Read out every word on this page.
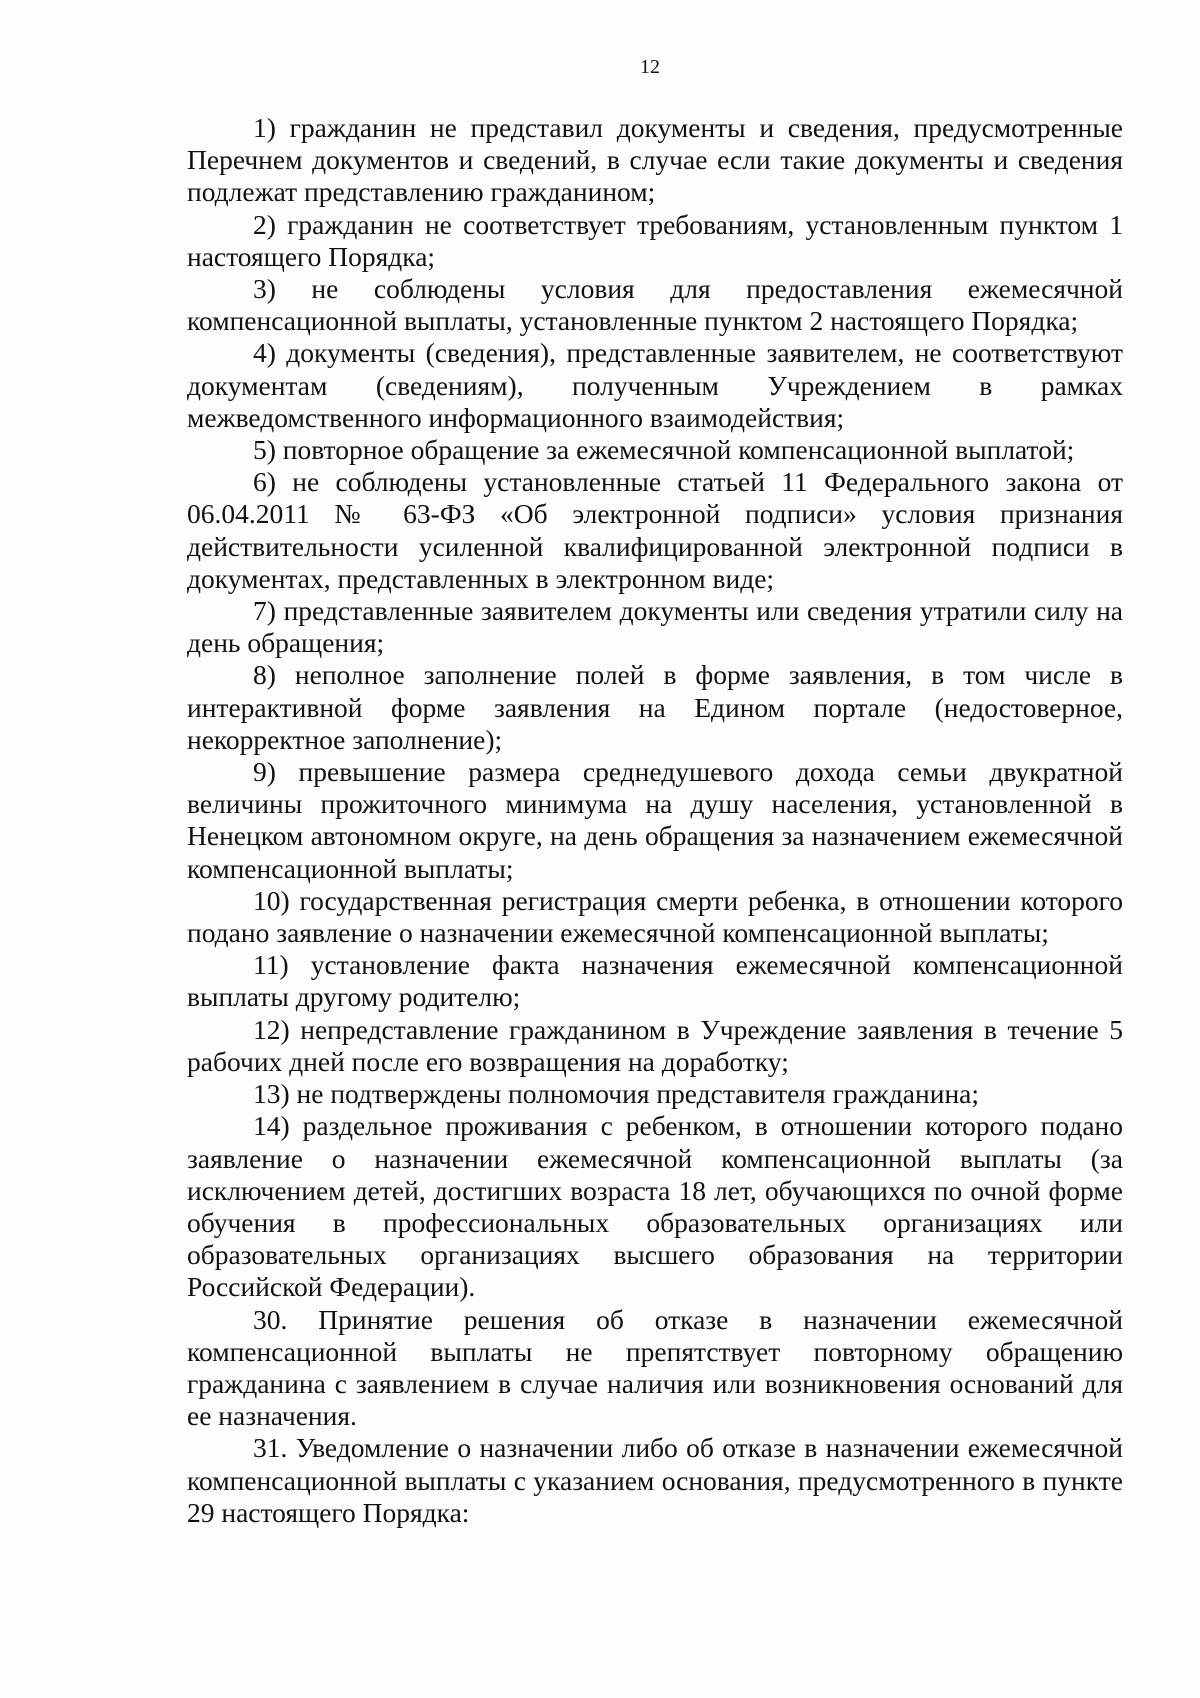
12

1) гражданин не представил документы и сведения, предусмотренные Перечнем документов и сведений, в случае если такие документы и сведения подлежат представлению гражданином;

2) гражданин не соответствует требованиям, установленным пунктом 1 настоящего Порядка;

3) не соблюдены условия для предоставления ежемесячной компенсационной выплаты, установленные пунктом 2 настоящего Порядка;

4) документы (сведения), представленные заявителем, не соответствуют документам (сведениям), полученным Учреждением в рамках межведомственного информационного взаимодействия;

5) повторное обращение за ежемесячной компенсационной выплатой;

6) не соблюдены установленные статьей 11 Федерального закона от 06.04.2011 № 63-ФЗ «Об электронной подписи» условия признания действительности усиленной квалифицированной электронной подписи в документах, представленных в электронном виде;

7) представленные заявителем документы или сведения утратили силу на день обращения;

8) неполное заполнение полей в форме заявления, в том числе в интерактивной форме заявления на Едином портале (недостоверное, некорректное заполнение);

9) превышение размера среднедушевого дохода семьи двукратной величины прожиточного минимума на душу населения, установленной в Ненецком автономном округе, на день обращения за назначением ежемесячной компенсационной выплаты;

10) государственная регистрация смерти ребенка, в отношении которого подано заявление о назначении ежемесячной компенсационной выплаты;

11) установление факта назначения ежемесячной компенсационной выплаты другому родителю;

12) непредставление гражданином в Учреждение заявления в течение 5 рабочих дней после его возвращения на доработку;

13) не подтверждены полномочия представителя гражданина;

14) раздельное проживания с ребенком, в отношении которого подано заявление о назначении ежемесячной компенсационной выплаты (за исключением детей, достигших возраста 18 лет, обучающихся по очной форме обучения в профессиональных образовательных организациях или образовательных организациях высшего образования на территории Российской Федерации).

30. Принятие решения об отказе в назначении ежемесячной компенсационной выплаты не препятствует повторному обращению гражданина с заявлением в случае наличия или возникновения оснований для ее назначения.

31. Уведомление о назначении либо об отказе в назначении ежемесячной компенсационной выплаты с указанием основания, предусмотренного в пункте 29 настоящего Порядка:
